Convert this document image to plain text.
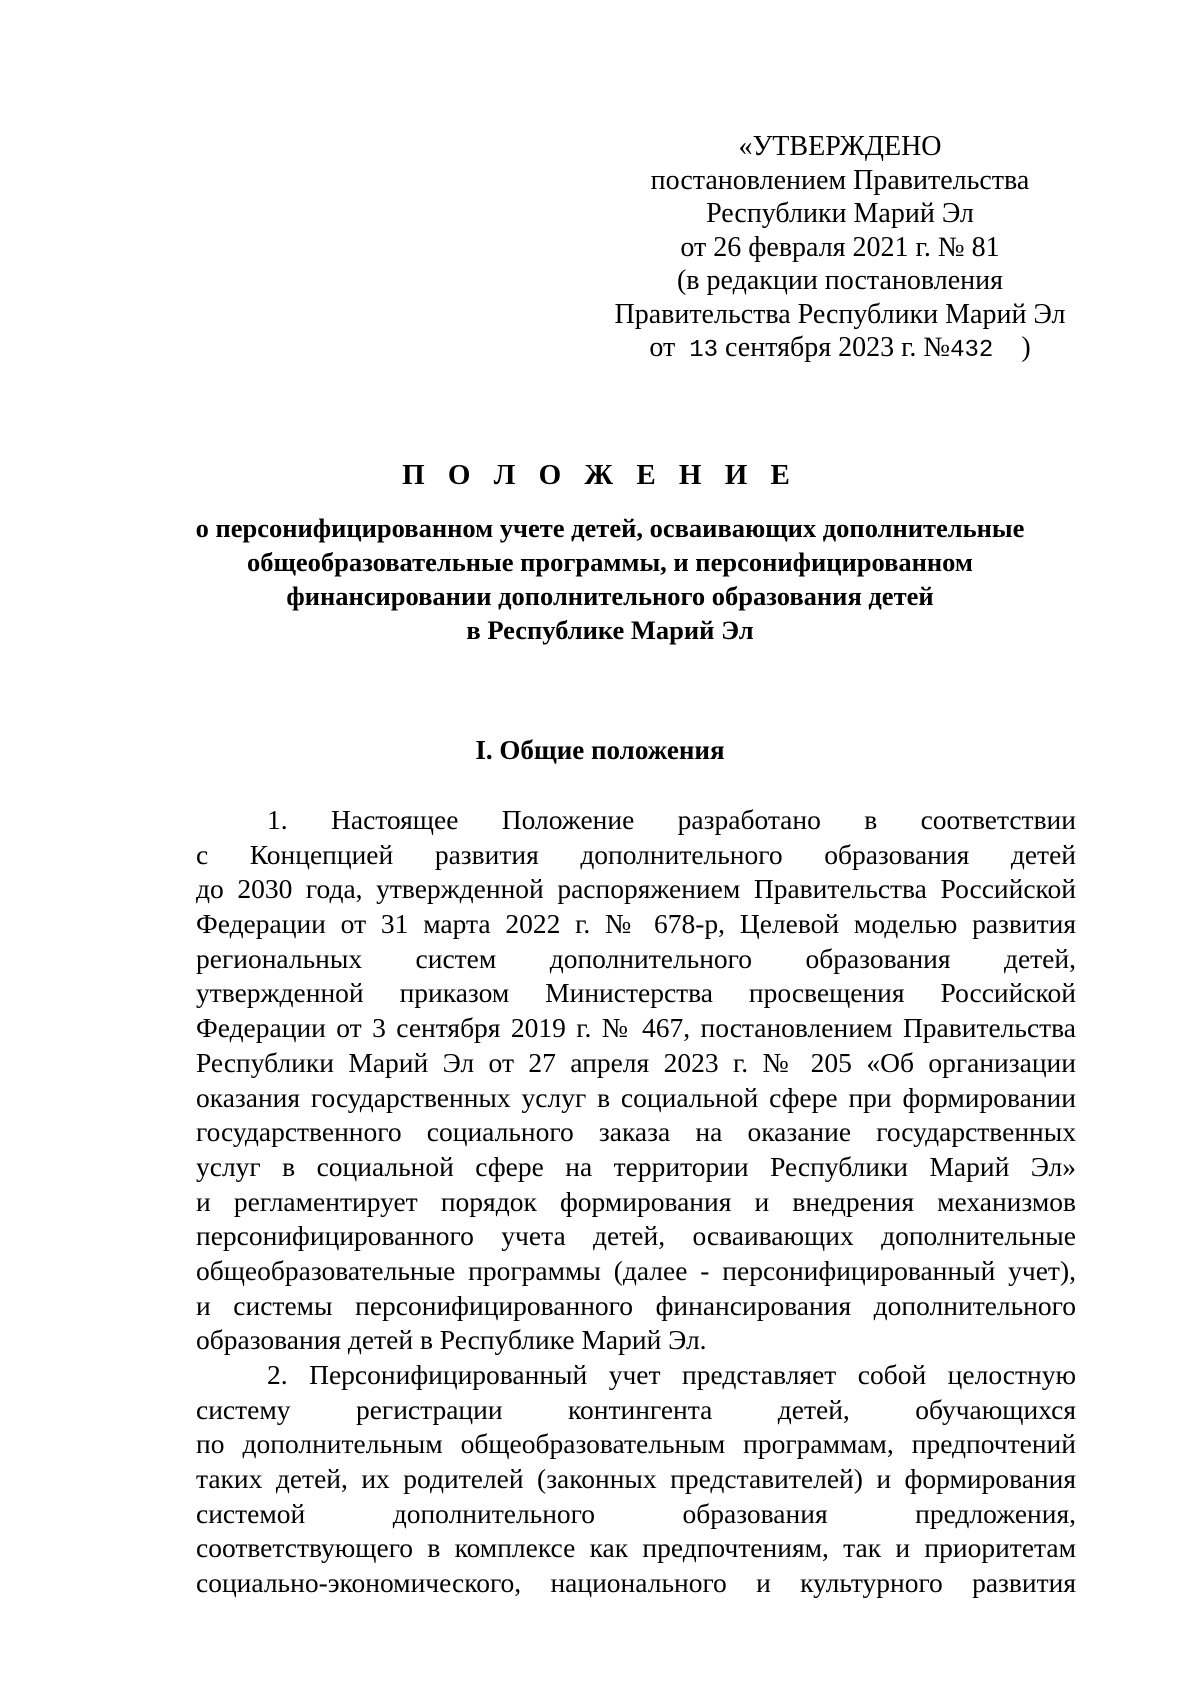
«УТВЕРЖДЕНО
постановлением Правительства
Республики Марий Эл
от 26 февраля 2021 г. № 81
(в редакции постановления
Правительства Республики Марий Эл
от 13 сентября 2023 г. №432 )
П О Л О Ж Е Н И Е
о персонифицированном учете детей, осваивающих дополнительные
общеобразовательные программы, и персонифицированном
финансировании дополнительного образования детей
в Республике Марий Эл
I. Общие положения
1. Настоящее Положение разработано в соответствии
с Концепцией развития дополнительного образования детей
до 2030 года, утвержденной распоряжением Правительства Российской
Федерации от 31 марта 2022 г. № 678-р, Целевой моделью развития
региональных систем дополнительного образования детей,
утвержденной приказом Министерства просвещения Российской
Федерации от 3 сентября 2019 г. № 467, постановлением Правительства
Республики Марий Эл от 27 апреля 2023 г. № 205 «Об организации
оказания государственных услуг в социальной сфере при формировании
государственного социального заказа на оказание государственных
услуг в социальной сфере на территории Республики Марий Эл»
и регламентирует порядок формирования и внедрения механизмов
персонифицированного учета детей, осваивающих дополнительные
общеобразовательные программы (далее - персонифицированный учет),
и системы персонифицированного финансирования дополнительного
образования детей в Республике Марий Эл.
2. Персонифицированный учет представляет собой целостную
систему регистрации контингента детей, обучающихся
по дополнительным общеобразовательным программам, предпочтений
таких детей, их родителей (законных представителей) и формирования
системой дополнительного образования предложения,
соответствующего в комплексе как предпочтениям, так и приоритетам
социально-экономического, национального и культурного развития
